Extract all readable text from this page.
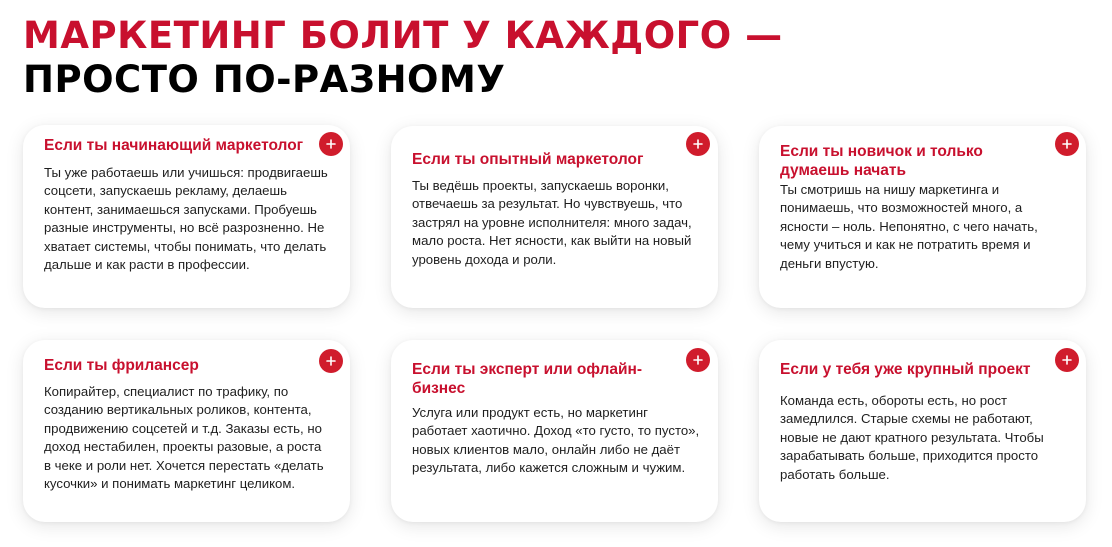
МАРКЕТИНГ БОЛИТ У КАЖДОГО —
ПРОСТО ПО-РАЗНОМУ
Если ты начинающий маркетолог

Ты уже работаешь или учишься: продвигаешь соцсети, запускаешь рекламу, делаешь контент, занимаешься запусками. Пробуешь разные инструменты, но всё разрозненно. Не хватает системы, чтобы понимать, что делать дальше и как расти в профессии.

Если ты опытный маркетолог

Ты ведёшь проекты, запускаешь воронки, отвечаешь за результат. Но чувствуешь, что застрял на уровне исполнителя: много задач, мало роста. Нет ясности, как выйти на новый уровень дохода и роли.

Если ты новичок и только думаешь начать

Ты смотришь на нишу маркетинга и понимаешь, что возможностей много, а ясности – ноль. Непонятно, с чего начать, чему учиться и как не потратить время и деньги впустую.

Если ты фрилансер

Копирайтер, специалист по трафику, по созданию вертикальных роликов, контента, продвижению соцсетей и т.д. Заказы есть, но доход нестабилен, проекты разовые, а роста в чеке и роли нет. Хочется перестать «делать кусочки» и понимать маркетинг целиком.

Если ты эксперт или офлайн-бизнес

Услуга или продукт есть, но маркетинг работает хаотично. Доход «то густо, то пусто», новых клиентов мало, онлайн либо не даёт результата, либо кажется сложным и чужим.

Если у тебя уже крупный проект

Команда есть, обороты есть, но рост замедлился. Старые схемы не работают, новые не дают кратного результата. Чтобы зарабатывать больше, приходится просто работать больше.
